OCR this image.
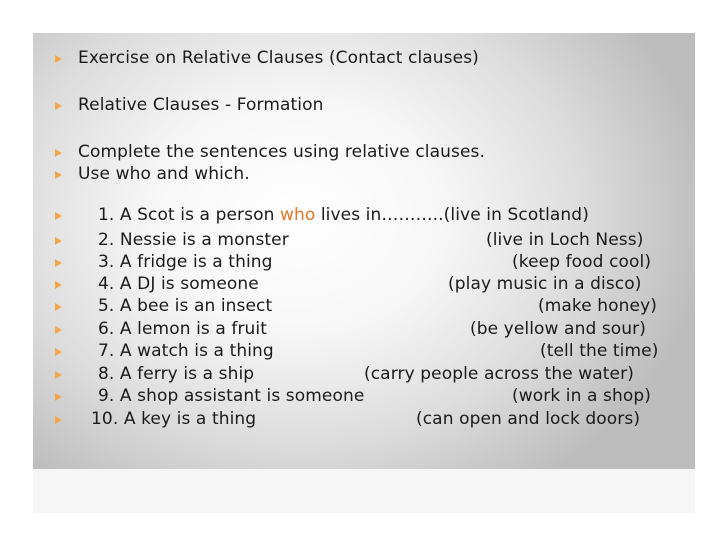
Exercise on Relative Clauses (Contact clauses)
Relative Clauses - Formation
Complete the sentences using relative clauses.
Use who and which.
1. A Scot is a person who lives in………..(live in Scotland)
2. Nessie is a monster	(live in Loch Ness)
3. A fridge is a thing	(keep food cool)
4. A DJ is someone	(play music in a disco)
5. A bee is an insect	(make honey)
6. A lemon is a fruit	(be yellow and sour)
7. A watch is a thing	(tell the time)
8. A ferry is a ship	(carry people across the water)
9. A shop assistant is someone	(work in a shop)
10. A key is a thing	(can open and lock doors)
